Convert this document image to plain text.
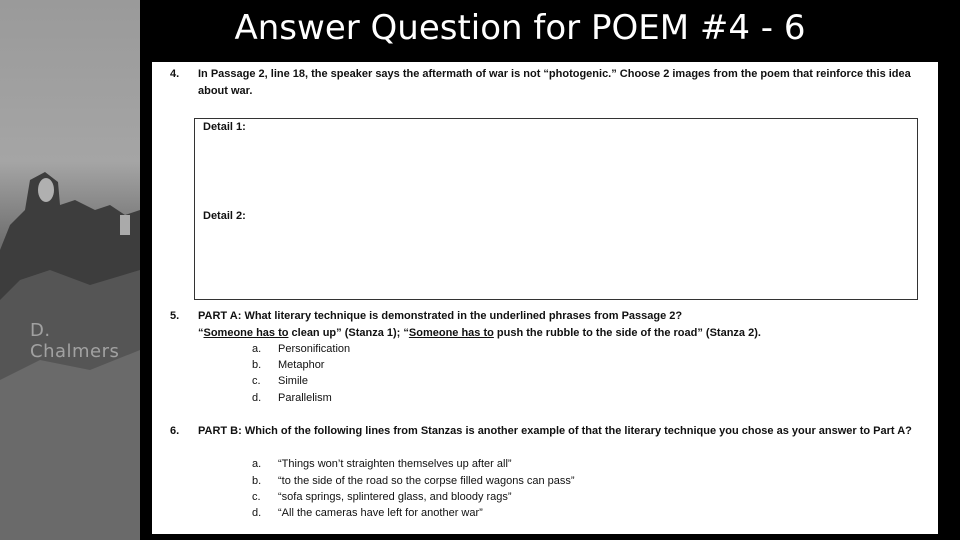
D. Chalmers
Answer Question for POEM #4 - 6
4. In Passage 2, line 18, the speaker says the aftermath of war is not “photogenic.” Choose 2 images from the poem that reinforce this idea about war.
Detail 1:
Detail 2:
5. PART A: What literary technique is demonstrated in the underlined phrases from Passage 2?
“Someone has to clean up” (Stanza 1); “Someone has to push the rubble to the side of the road” (Stanza 2).
a. Personification
b. Metaphor
c. Simile
d. Parallelism
6. PART B: Which of the following lines from Stanzas is another example of that the literary technique you chose as your answer to Part A?
a. “Things won’t straighten themselves up after all”
b. “to the side of the road so the corpse filled wagons can pass”
c. “sofa springs, splintered glass, and bloody rags”
d. “All the cameras have left for another war”
